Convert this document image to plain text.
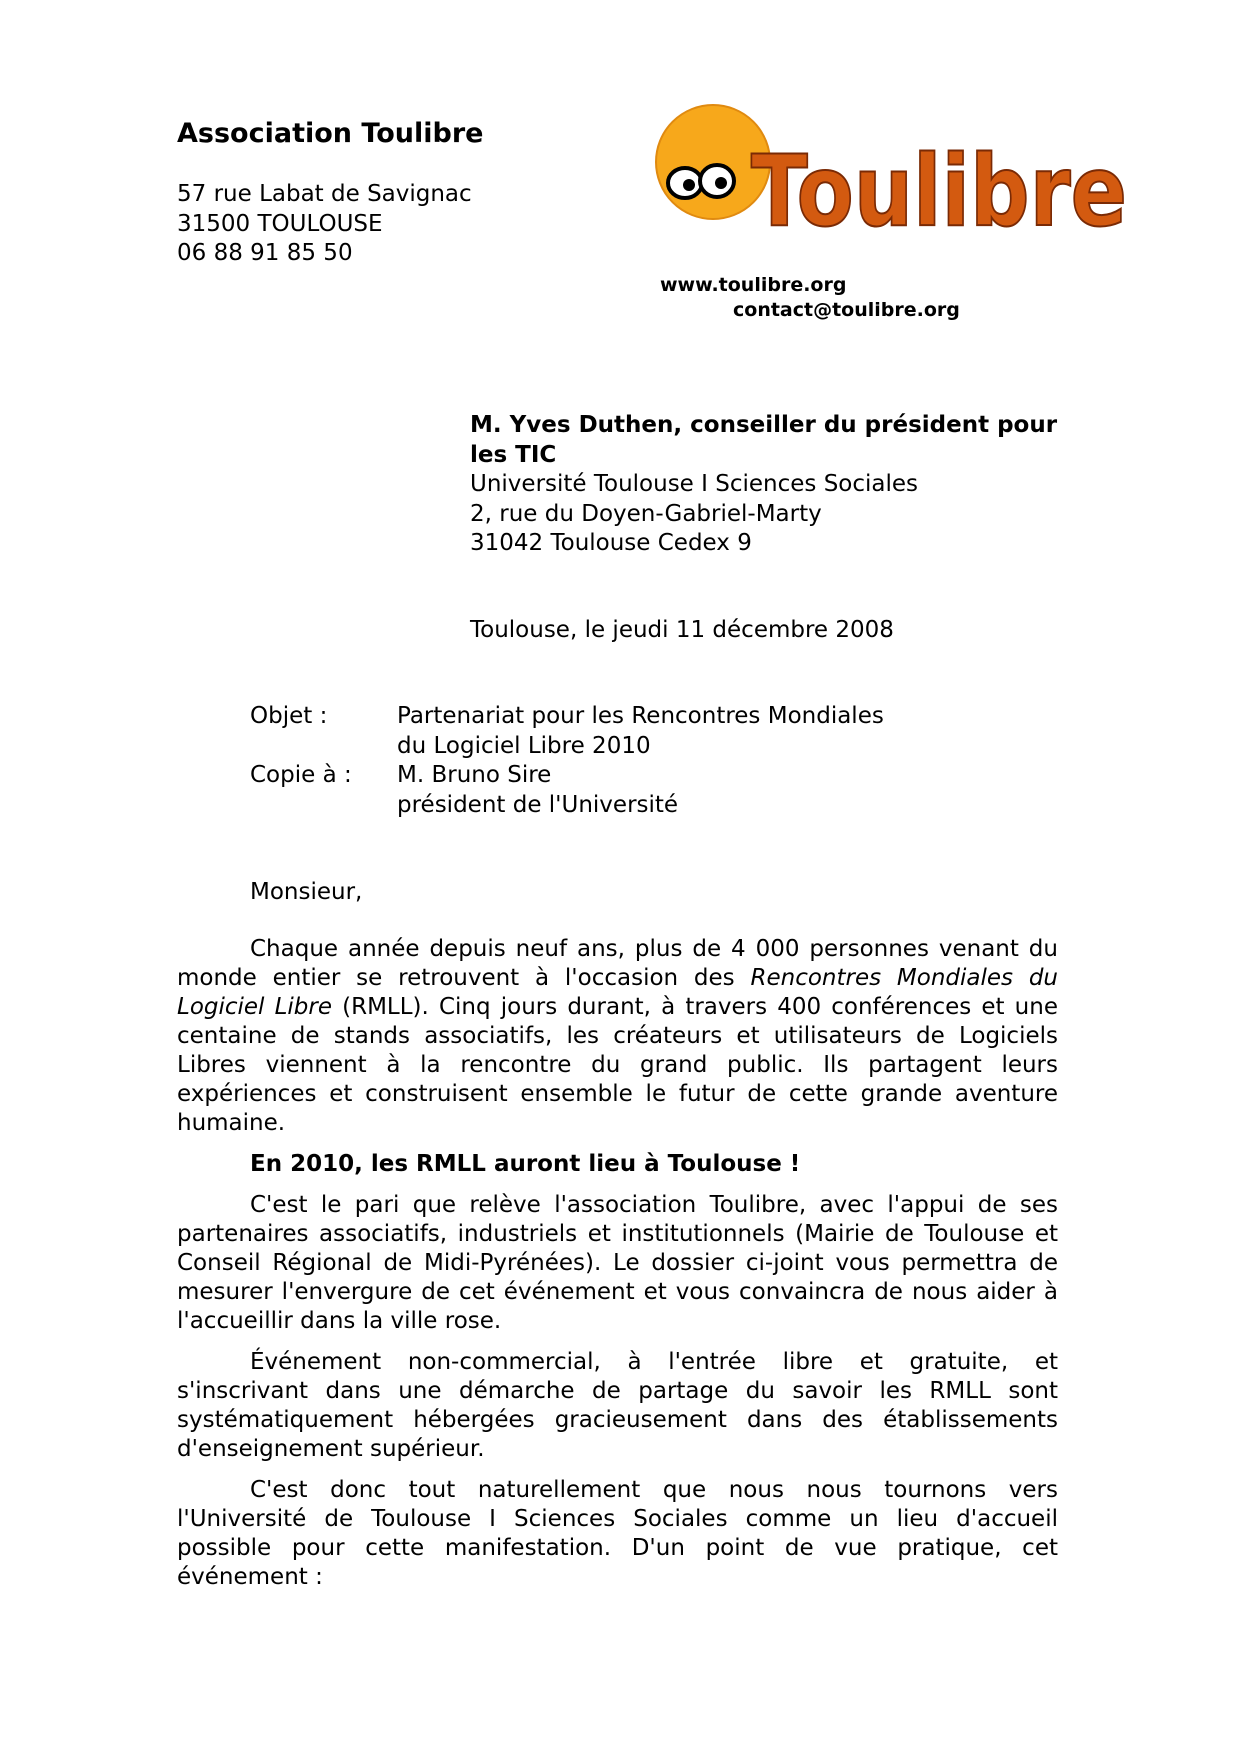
Association Toulibre
57 rue Labat de Savignac
31500 TOULOUSE
06 88 91 85 50
Toulibre
www.toulibre.org
contact@toulibre.org
M. Yves Duthen, conseiller du président pour les TIC
Université Toulouse I Sciences Sociales
2, rue du Doyen-Gabriel-Marty
31042 Toulouse Cedex 9
Toulouse, le jeudi 11 décembre 2008
Objet :	Partenariat pour les Rencontres Mondiales
du Logiciel Libre 2010
Copie à : M. Bruno Sire
président de l'Université
Monsieur,

Chaque année depuis neuf ans, plus de 4 000 personnes venant du monde entier se retrouvent à l'occasion des Rencontres Mondiales du Logiciel Libre (RMLL). Cinq jours durant, à travers 400 conférences et une centaine de stands associatifs, les créateurs et utilisateurs de Logiciels Libres viennent à la rencontre du grand public. Ils partagent leurs expériences et construisent ensemble le futur de cette grande aventure humaine.

En 2010, les RMLL auront lieu à Toulouse !

C'est le pari que relève l'association Toulibre, avec l'appui de ses partenaires associatifs, industriels et institutionnels (Mairie de Toulouse et Conseil Régional de Midi-Pyrénées). Le dossier ci-joint vous permettra de mesurer l'envergure de cet événement et vous convaincra de nous aider à l'accueillir dans la ville rose.

Événement non-commercial, à l'entrée libre et gratuite, et s'inscrivant dans une démarche de partage du savoir les RMLL sont systématiquement hébergées gracieusement dans des établissements d'enseignement supérieur.

C'est donc tout naturellement que nous nous tournons vers l'Université de Toulouse I Sciences Sociales comme un lieu d'accueil possible pour cette manifestation. D'un point de vue pratique, cet événement :
